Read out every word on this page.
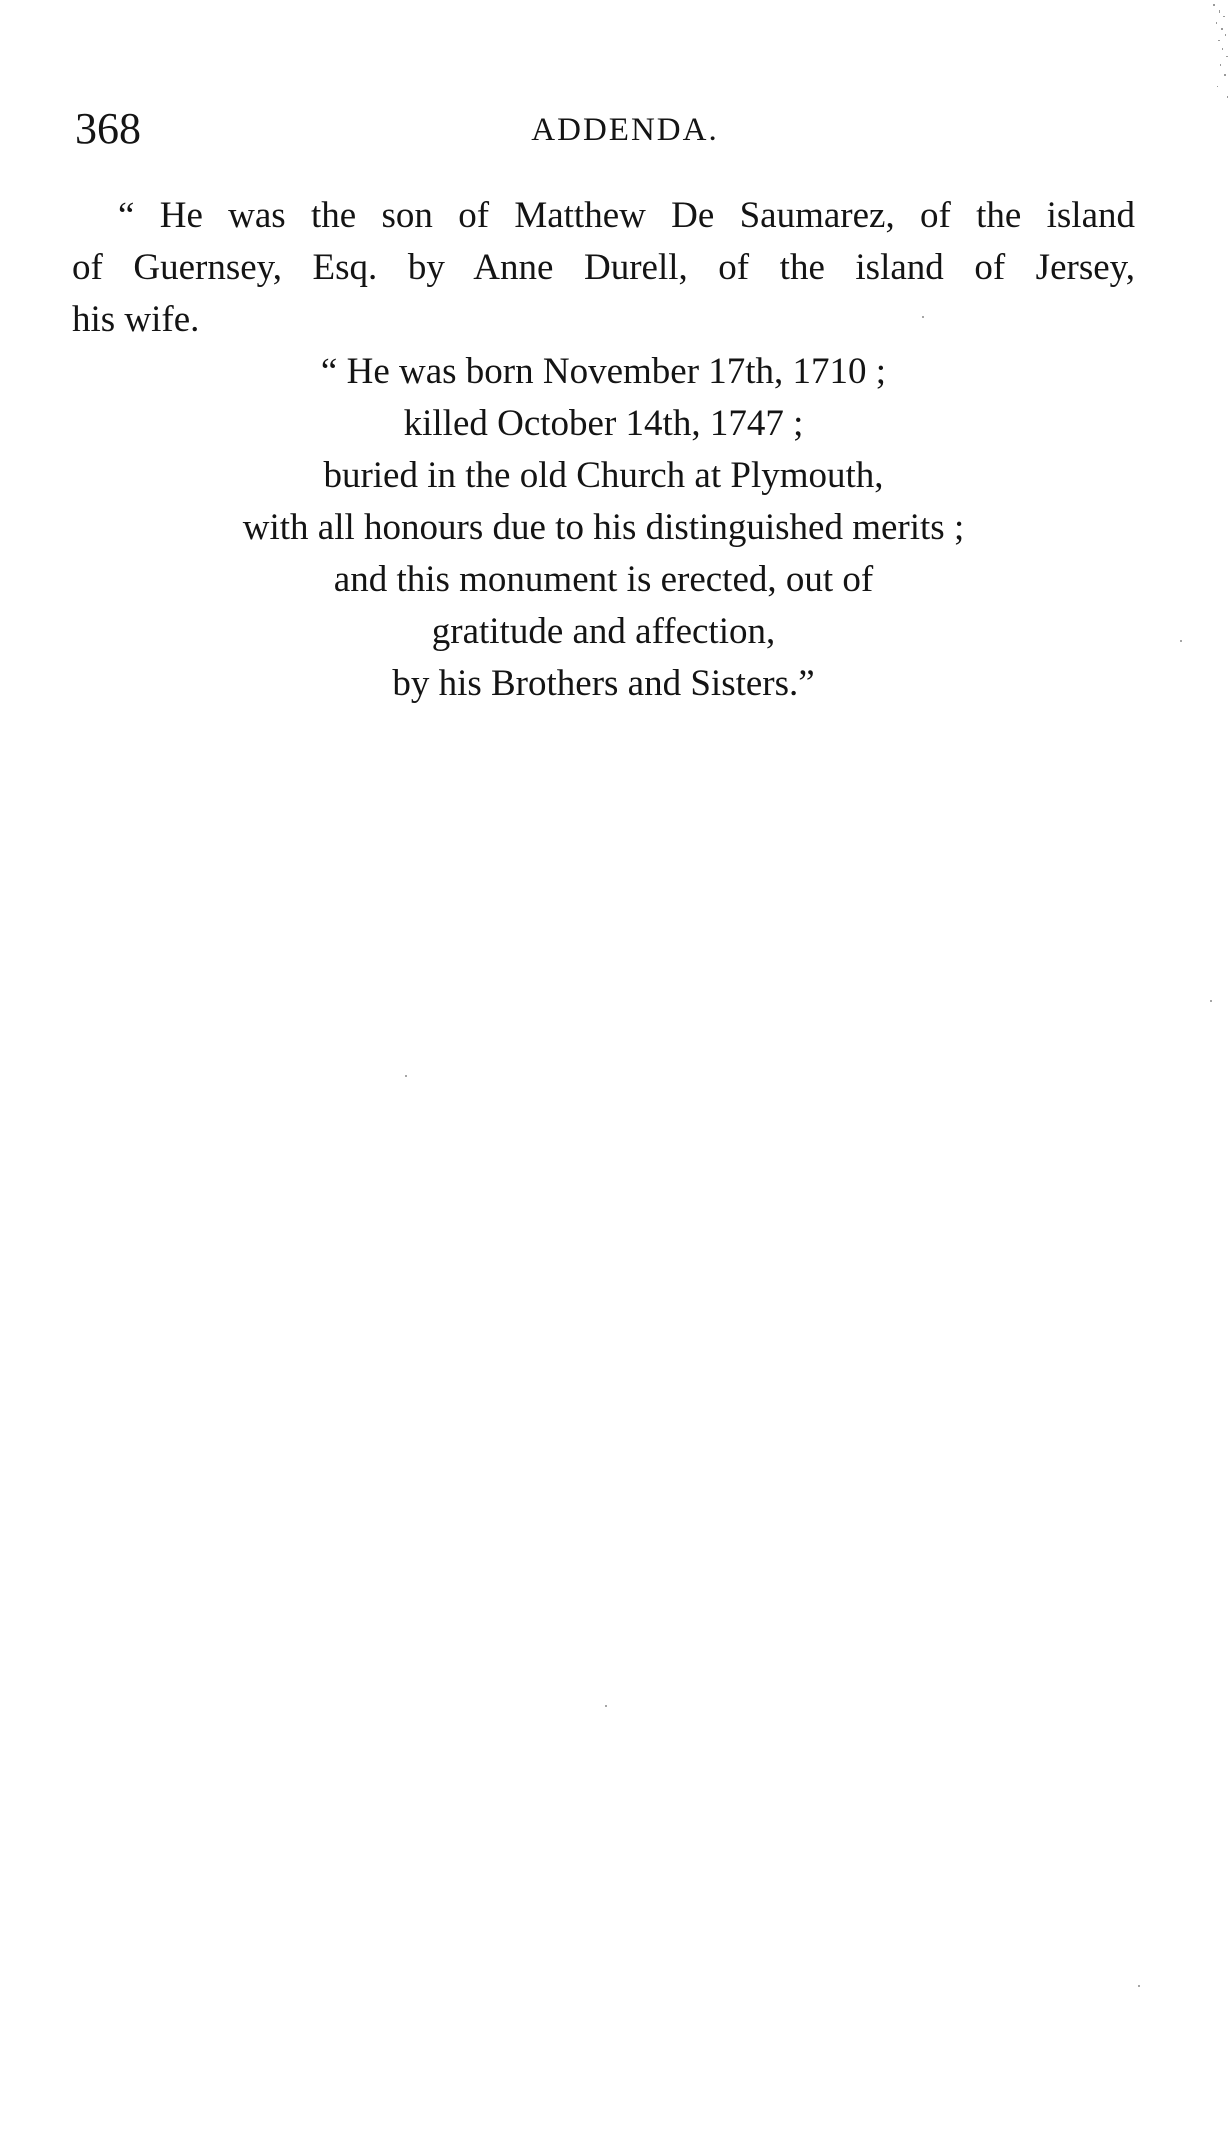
368	ADDENDA.

“ He was the son of Matthew De Saumarez, of the island
of Guernsey, Esq. by Anne Durell, of the island of Jersey,
his wife.

“ He was born November 17th, 1710 ;
killed October 14th, 1747 ;
buried in the old Church at Plymouth,
with all honours due to his distinguished merits ;
and this monument is erected, out of
gratitude and affection,
by his Brothers and Sisters.”
